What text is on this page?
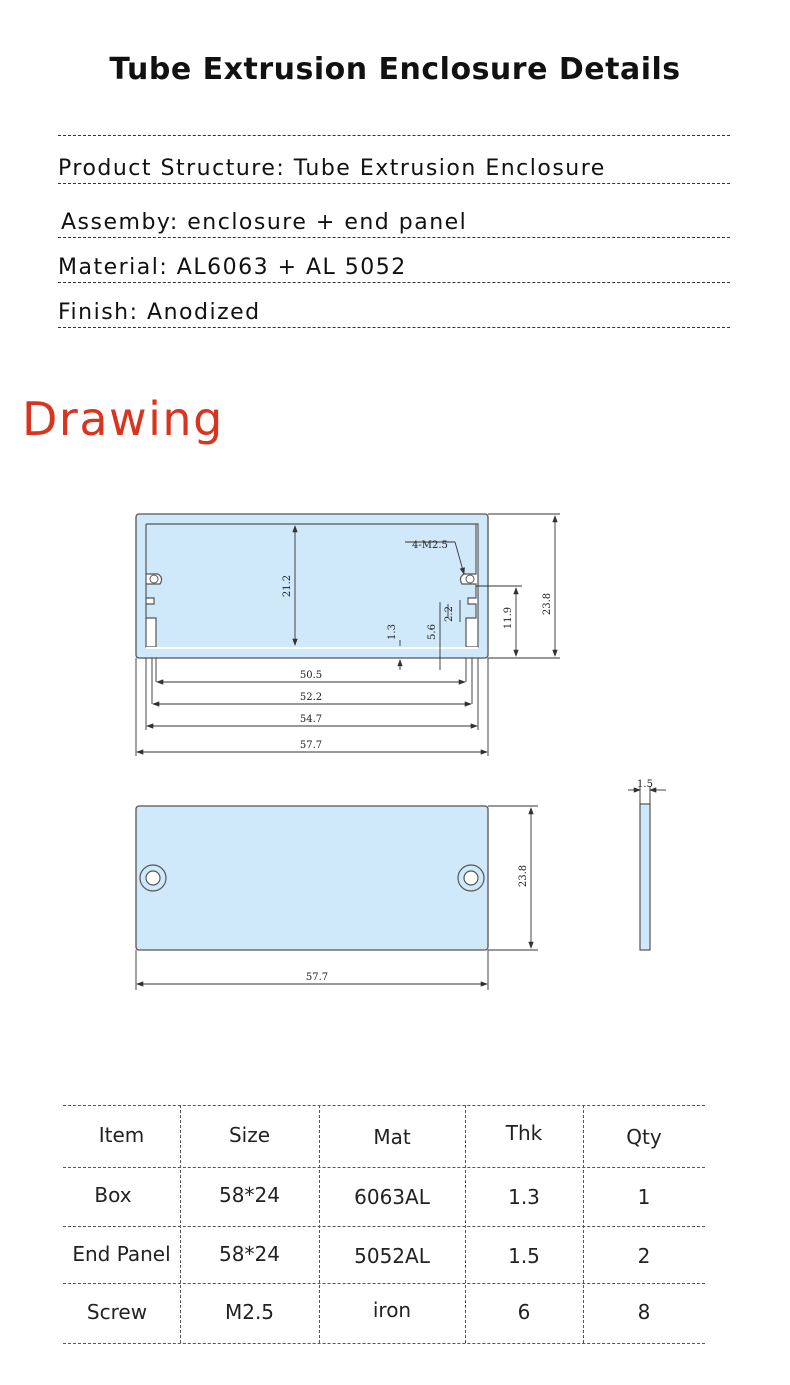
Tube Extrusion Enclosure Details
Product Structure: Tube Extrusion Enclosure
Assemby: enclosure + end panel
Material: AL6063 + AL 5052
Finish: Anodized
Drawing
4-M2.5
21.2
23.8
11.9
1.3	5.6
2.2
50.5
52.2
54.7
57.7
23.8
57.7
1.5
Item	Size	Mat	Thk	Qty
Box	58*24	6063AL	1.3	1
End Panel	58*24	5052AL	1.5	2
Screw	M2.5	iron	6	8
